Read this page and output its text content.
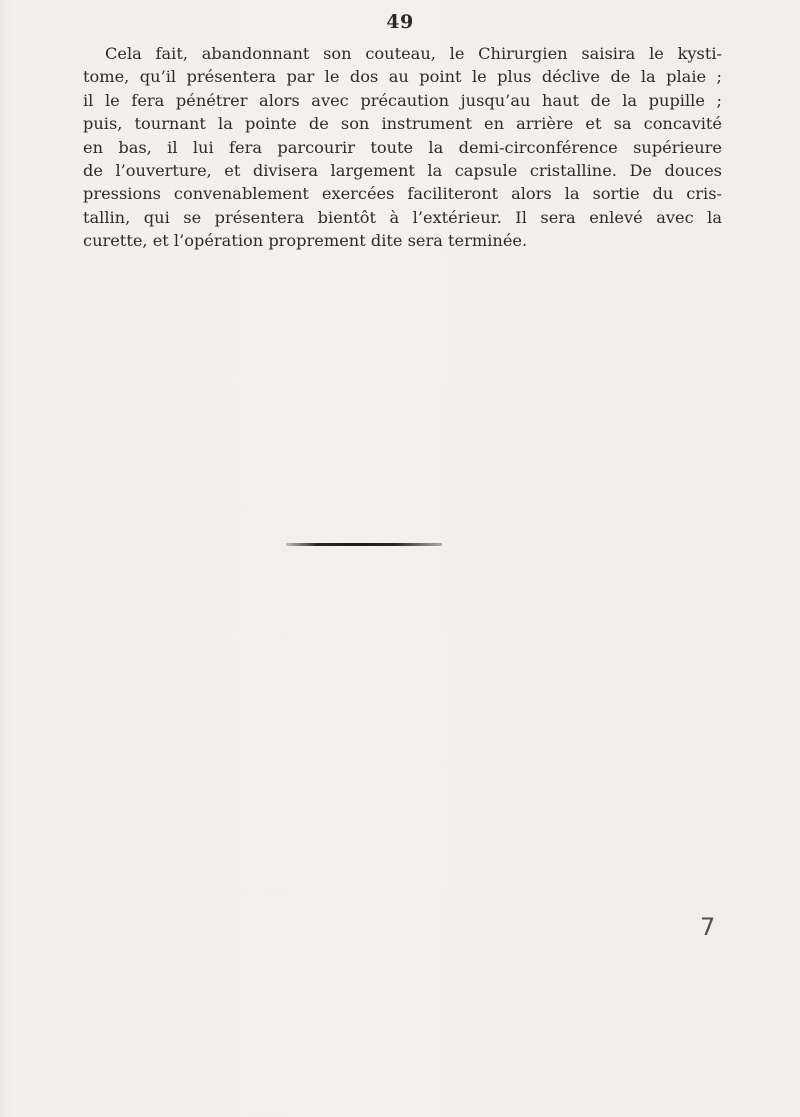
49

Cela fait, abandonnant son couteau, le Chirurgien saisira le kysti-
tome, qu’il présentera par le dos au point le plus déclive de la plaie ;
il le fera pénétrer alors avec précaution jusqu’au haut de la pupille ;
puis, tournant la pointe de son instrument en arrière et sa concavité
en bas, il lui fera parcourir toute la demi-circonférence supérieure
de l’ouverture, et divisera largement la capsule cristalline. De douces
pressions convenablement exercées faciliteront alors la sortie du cris-
tallin, qui se présentera bientôt à l’extérieur. Il sera enlevé avec la
curette, et l’opération proprement dite sera terminée.

7
